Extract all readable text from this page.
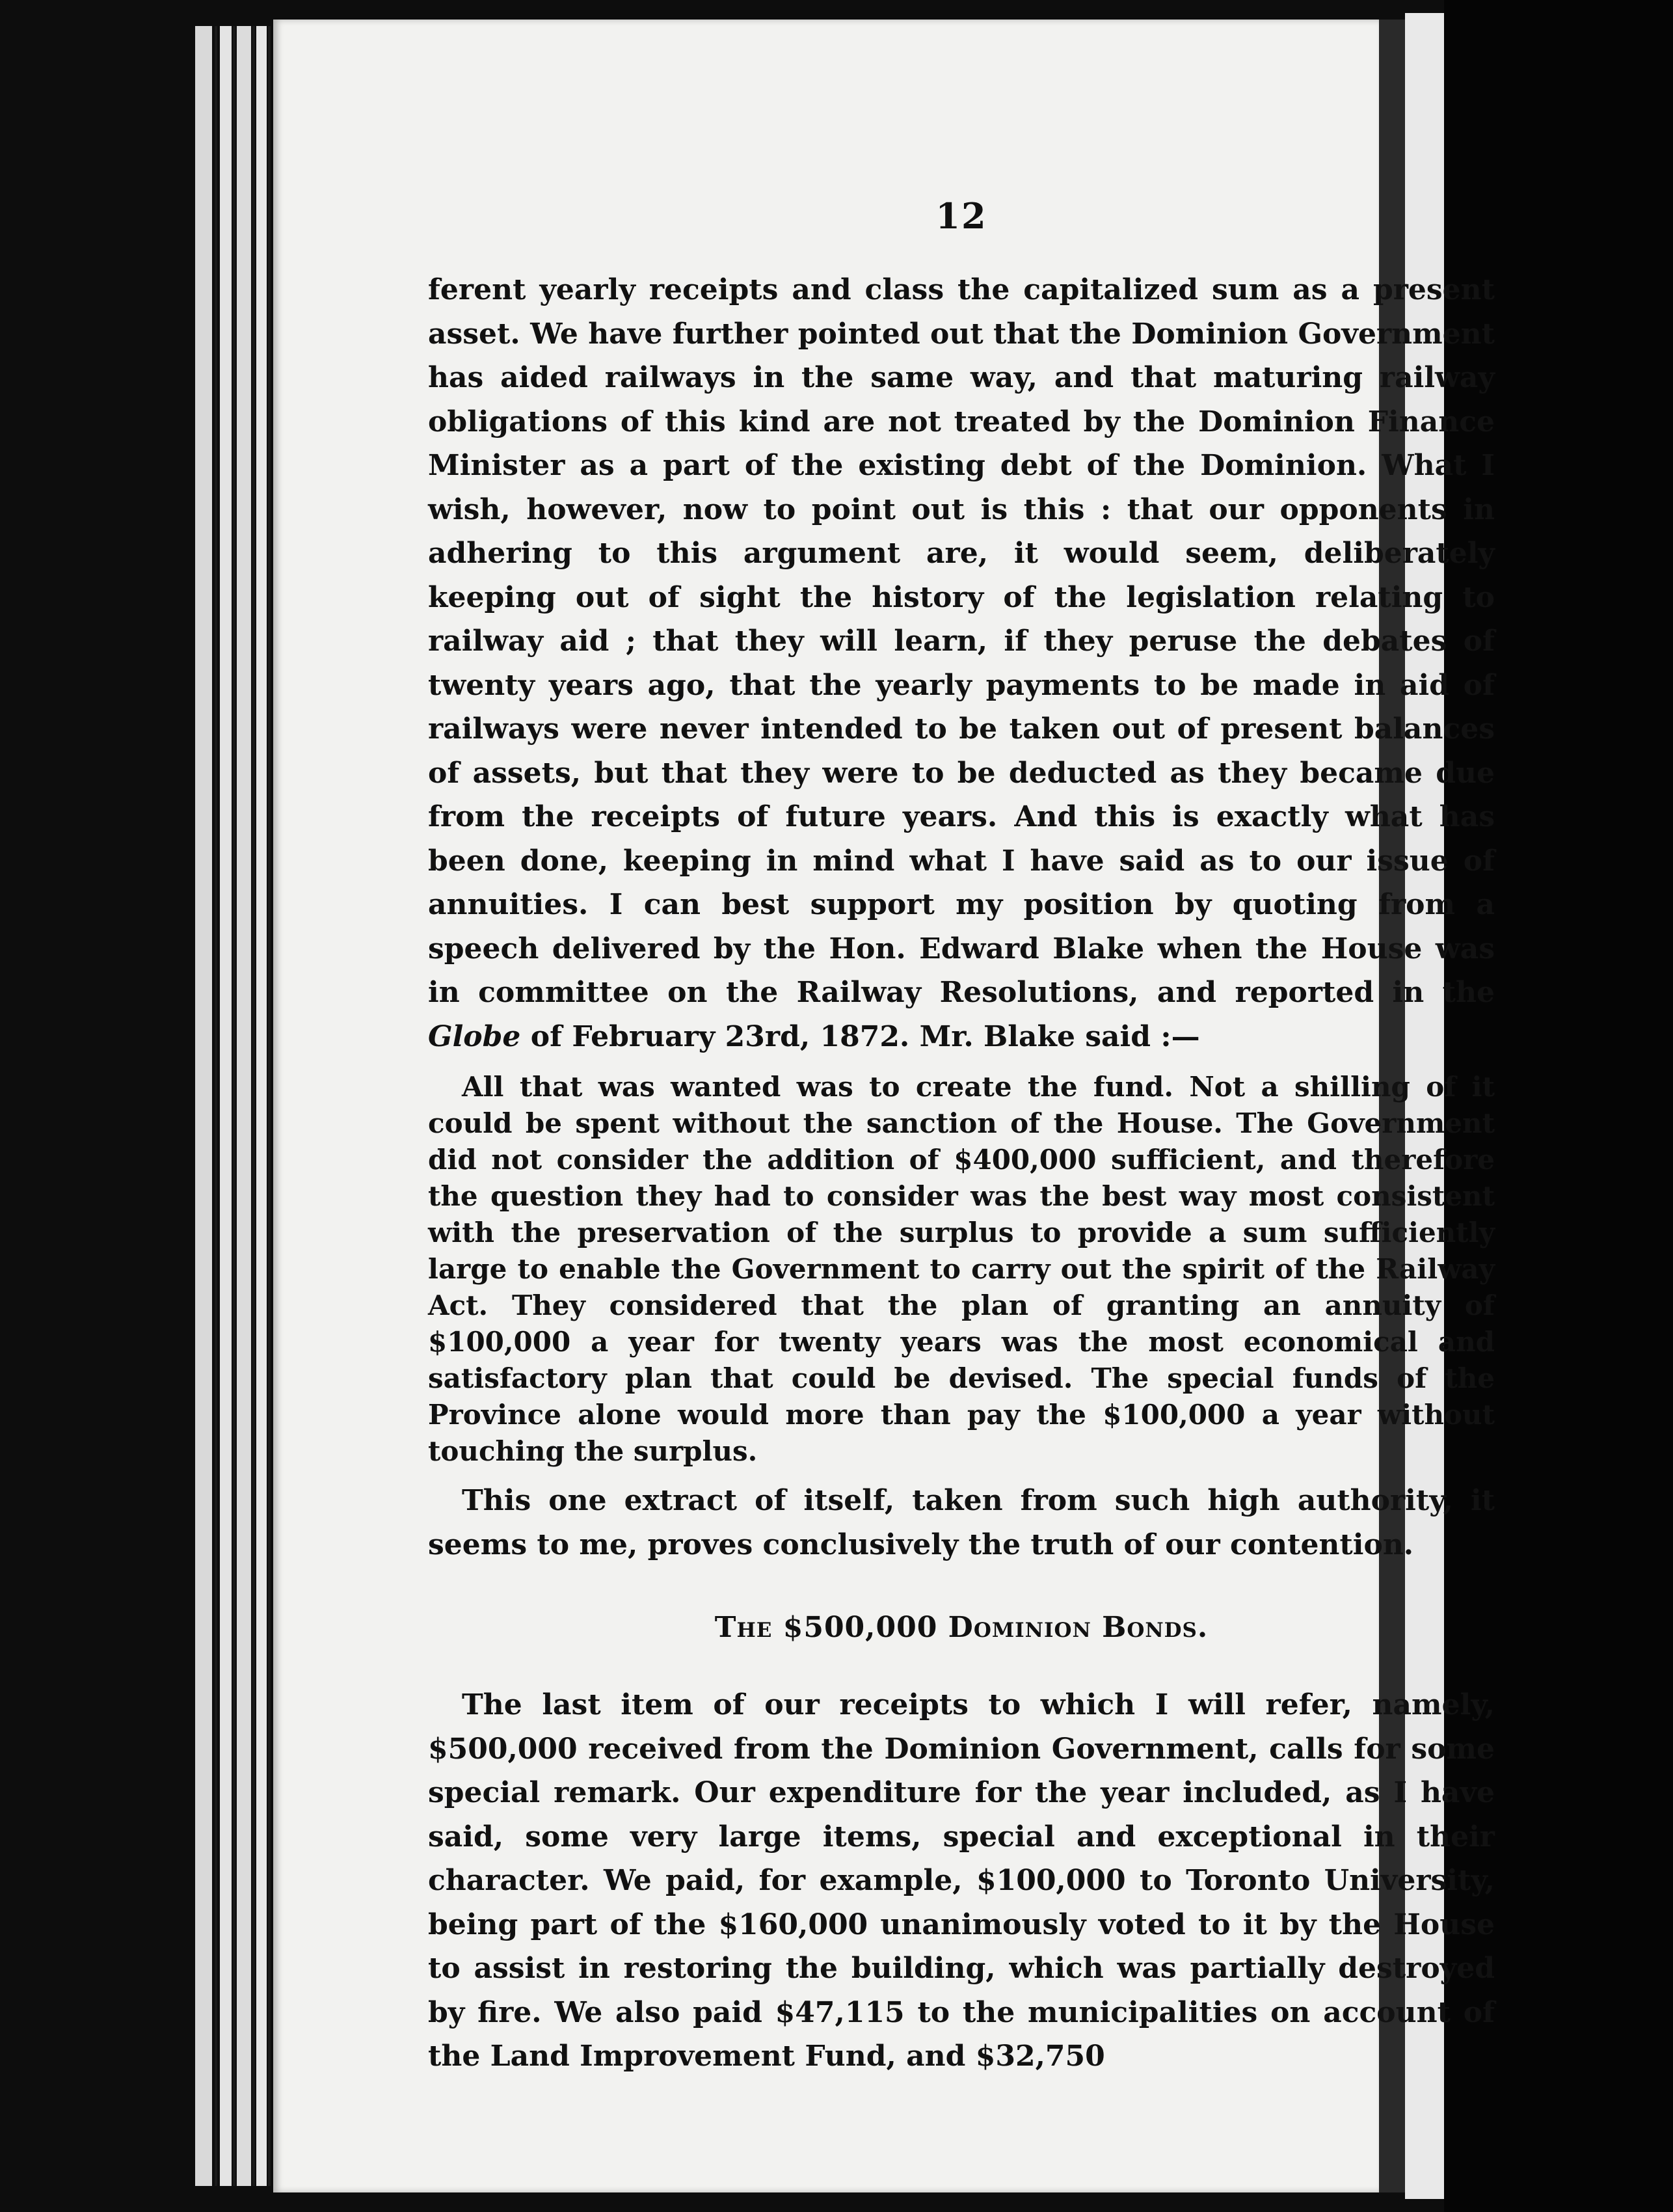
12

ferent yearly receipts and class the capitalized sum as a present asset. We have further pointed out that the Dominion Government has aided railways in the same way, and that maturing railway obligations of this kind are not treated by the Dominion Finance Minister as a part of the existing debt of the Dominion. What I wish, however, now to point out is this : that our opponents in adhering to this argument are, it would seem, deliberately keeping out of sight the history of the legislation relating to railway aid ; that they will learn, if they peruse the debates of twenty years ago, that the yearly payments to be made in aid of railways were never intended to be taken out of present balances of assets, but that they were to be deducted as they became due from the receipts of future years. And this is exactly what has been done, keeping in mind what I have said as to our issue of annuities. I can best support my position by quoting from a speech delivered by the Hon. Edward Blake when the House was in committee on the Railway Resolutions, and reported in the Globe of February 23rd, 1872. Mr. Blake said :—

All that was wanted was to create the fund. Not a shilling of it could be spent without the sanction of the House. The Government did not consider the addition of $400,000 sufficient, and therefore the question they had to consider was the best way most consistent with the preservation of the surplus to provide a sum sufficiently large to enable the Government to carry out the spirit of the Railway Act. They considered that the plan of granting an annuity of $100,000 a year for twenty years was the most economical and satisfactory plan that could be devised. The special funds of the Province alone would more than pay the $100,000 a year without touching the surplus.

This one extract of itself, taken from such high authority, it seems to me, proves conclusively the truth of our contention.

The $500,000 Dominion Bonds.

The last item of our receipts to which I will refer, namely, $500,000 received from the Dominion Government, calls for some special remark. Our expenditure for the year included, as I have said, some very large items, special and exceptional in their character. We paid, for example, $100,000 to Toronto University, being part of the $160,000 unanimously voted to it by the House to assist in restoring the building, which was partially destroyed by fire. We also paid $47,115 to the municipalities on account of the Land Improvement Fund, and $32,750
